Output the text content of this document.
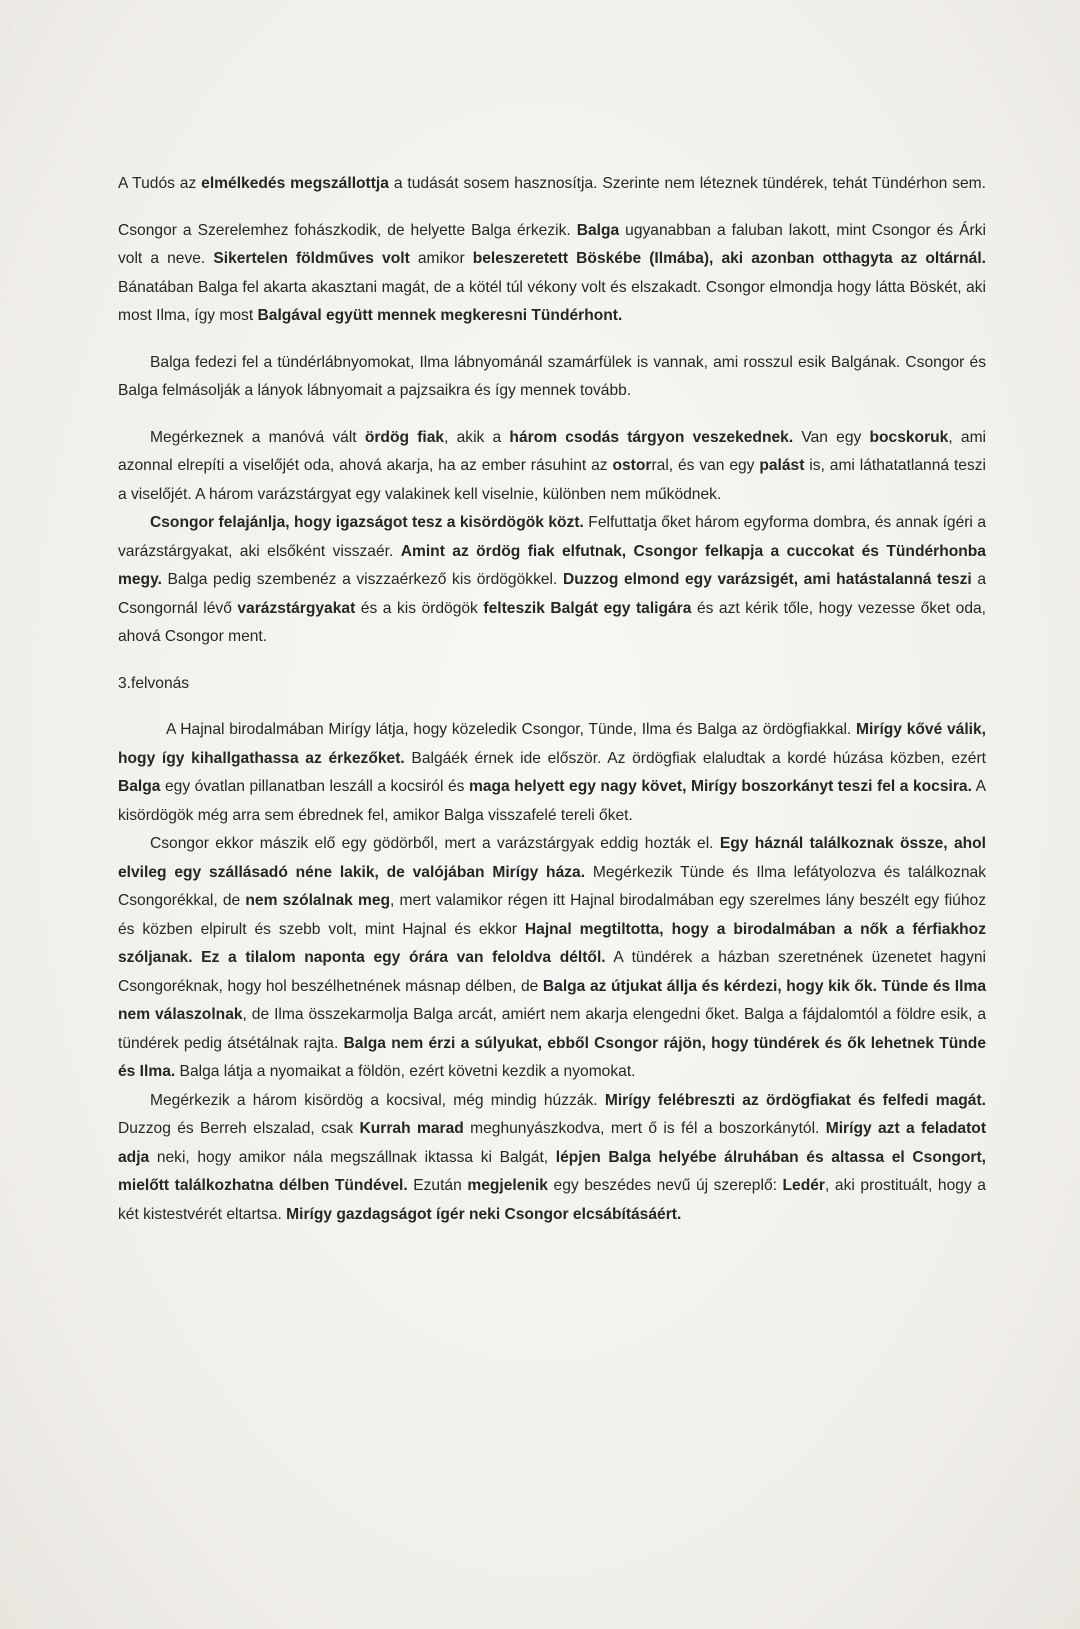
A Tudós az elmélkedés megszállottja a tudását sosem hasznosítja. Szerinte nem léteznek tündérek, tehát Tündérhon sem.

Csongor a Szerelemhez fohászkodik, de helyette Balga érkezik. Balga ugyanabban a faluban lakott, mint Csongor és Árki volt a neve. Sikertelen földműves volt amikor beleszeretett Böskébe (Ilmába), aki azonban otthagyta az oltárnál. Bánatában Balga fel akarta akasztani magát, de a kötél túl vékony volt és elszakadt. Csongor elmondja hogy látta Böskét, aki most Ilma, így most Balgával együtt mennek megkeresni Tündérhont.

Balga fedezi fel a tündérlábnyomokat, Ilma lábnyománál szamárfülek is vannak, ami rosszul esik Balgának. Csongor és Balga felmásolják a lányok lábnyomait a pajzsaikra és így mennek tovább.

Megérkeznek a manóvá vált ördög fiak, akik a három csodás tárgyon veszekednek. Van egy bocskoruk, ami azonnal elrepíti a viselőjét oda, ahová akarja, ha az ember rásuhint az ostorral, és van egy palást is, ami láthatatlanná teszi a viselőjét. A három varázstárgyat egy valakinek kell viselnie, különben nem működnek.

Csongor felajánlja, hogy igazságot tesz a kisördögök közt. Felfuttatja őket három egyforma dombra, és annak ígéri a varázstárgyakat, aki elsőként visszaér. Amint az ördög fiak elfutnak, Csongor felkapja a cuccokat és Tündérhonba megy. Balga pedig szembenéz a viszzaérkező kis ördögökkel. Duzzog elmond egy varázsigét, ami hatástalanná teszi a Csongornál lévő varázstárgyakat és a kis ördögök felteszik Balgát egy taligára és azt kérik tőle, hogy vezesse őket oda, ahová Csongor ment.

3.felvonás

A Hajnal birodalmában Mirígy látja, hogy közeledik Csongor, Tünde, Ilma és Balga az ördögfiakkal. Mirígy kővé válik, hogy így kihallgathassa az érkezőket. Balgáék érnek ide először. Az ördögfiak elaludtak a kordé húzása közben, ezért Balga egy óvatlan pillanatban leszáll a kocsiról és maga helyett egy nagy követ, Mirígy boszorkányt teszi fel a kocsira. A kisördögök még arra sem ébrednek fel, amikor Balga visszafelé tereli őket.

Csongor ekkor mászik elő egy gödörből, mert a varázstárgyak eddig hozták el. Egy háznál találkoznak össze, ahol elvileg egy szállásadó néne lakik, de valójában Mirígy háza. Megérkezik Tünde és Ilma lefátyolozva és találkoznak Csongorékkal, de nem szólalnak meg, mert valamikor régen itt Hajnal birodalmában egy szerelmes lány beszélt egy fiúhoz és közben elpirult és szebb volt, mint Hajnal és ekkor Hajnal megtiltotta, hogy a birodalmában a nők a férfiakhoz szóljanak. Ez a tilalom naponta egy órára van feloldva déltől. A tündérek a házban szeretnének üzenetet hagyni Csongoréknak, hogy hol beszélhetnének másnap délben, de Balga az útjukat állja és kérdezi, hogy kik ők. Tünde és Ilma nem válaszolnak, de Ilma összekarmolja Balga arcát, amiért nem akarja elengedni őket. Balga a fájdalomtól a földre esik, a tündérek pedig átsétálnak rajta. Balga nem érzi a súlyukat, ebből Csongor rájön, hogy tündérek és ők lehetnek Tünde és Ilma. Balga látja a nyomaikat a földön, ezért követni kezdik a nyomokat.

Megérkezik a három kisördög a kocsival, még mindig húzzák. Mirígy felébreszti az ördögfiakat és felfedi magát. Duzzog és Berreh elszalad, csak Kurrah marad meghunyászkodva, mert ő is fél a boszorkánytól. Mirígy azt a feladatot adja neki, hogy amikor nála megszállnak iktassa ki Balgát, lépjen Balga helyébe álruhában és altassa el Csongort, mielőtt találkozhatna délben Tündével. Ezután megjelenik egy beszédes nevű új szereplő: Ledér, aki prostituált, hogy a két kistestvérét eltartsa. Mirígy gazdagságot ígér neki Csongor elcsábításáért.
